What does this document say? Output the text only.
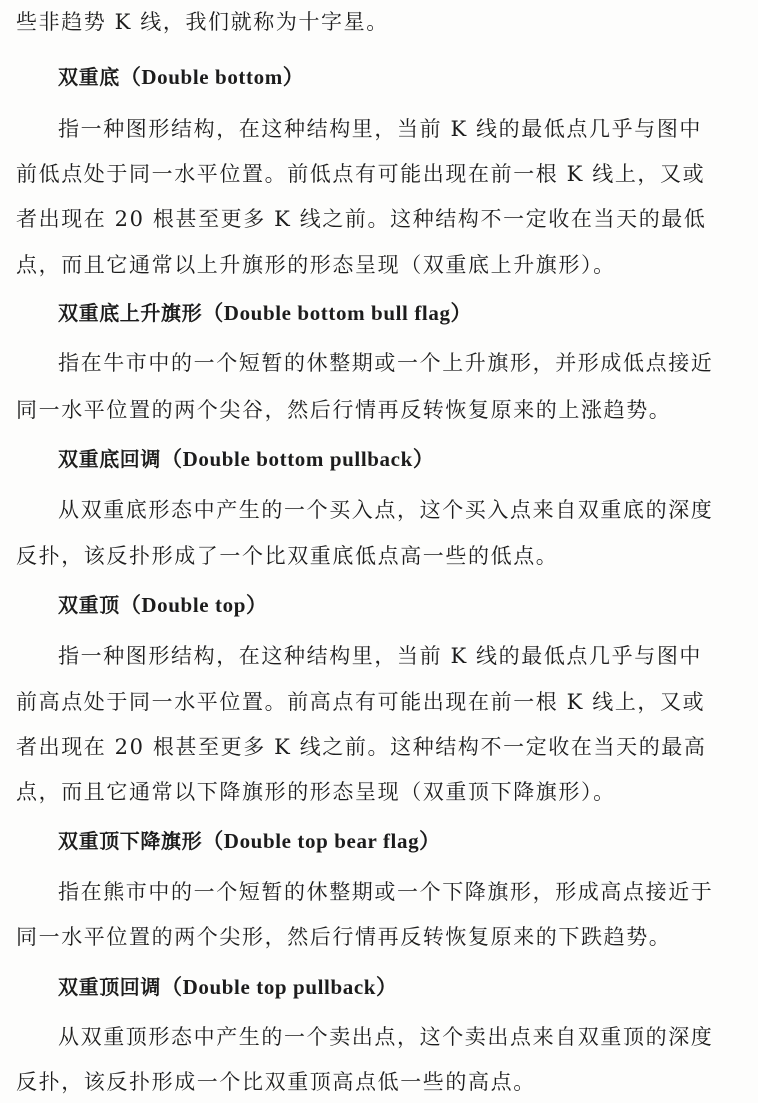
些非趋势 K 线，我们就称为十字星。

双重底（Double bottom）

指一种图形结构，在这种结构里，当前 K 线的最低点几乎与图中

前低点处于同一水平位置。前低点有可能出现在前一根 K 线上，又或

者出现在 20 根甚至更多 K 线之前。这种结构不一定收在当天的最低

点，而且它通常以上升旗形的形态呈现（双重底上升旗形）。

双重底上升旗形（Double bottom bull flag）

指在牛市中的一个短暂的休整期或一个上升旗形，并形成低点接近

同一水平位置的两个尖谷，然后行情再反转恢复原来的上涨趋势。

双重底回调（Double bottom pullback）

从双重底形态中产生的一个买入点，这个买入点来自双重底的深度

反扑，该反扑形成了一个比双重底低点高一些的低点。

双重顶（Double top）

指一种图形结构，在这种结构里，当前 K 线的最低点几乎与图中

前高点处于同一水平位置。前高点有可能出现在前一根 K 线上，又或

者出现在 20 根甚至更多 K 线之前。这种结构不一定收在当天的最高

点，而且它通常以下降旗形的形态呈现（双重顶下降旗形）。

双重顶下降旗形（Double top bear flag）

指在熊市中的一个短暂的休整期或一个下降旗形，形成高点接近于

同一水平位置的两个尖形，然后行情再反转恢复原来的下跌趋势。

双重顶回调（Double top pullback）

从双重顶形态中产生的一个卖出点，这个卖出点来自双重顶的深度

反扑，该反扑形成一个比双重顶高点低一些的高点。
